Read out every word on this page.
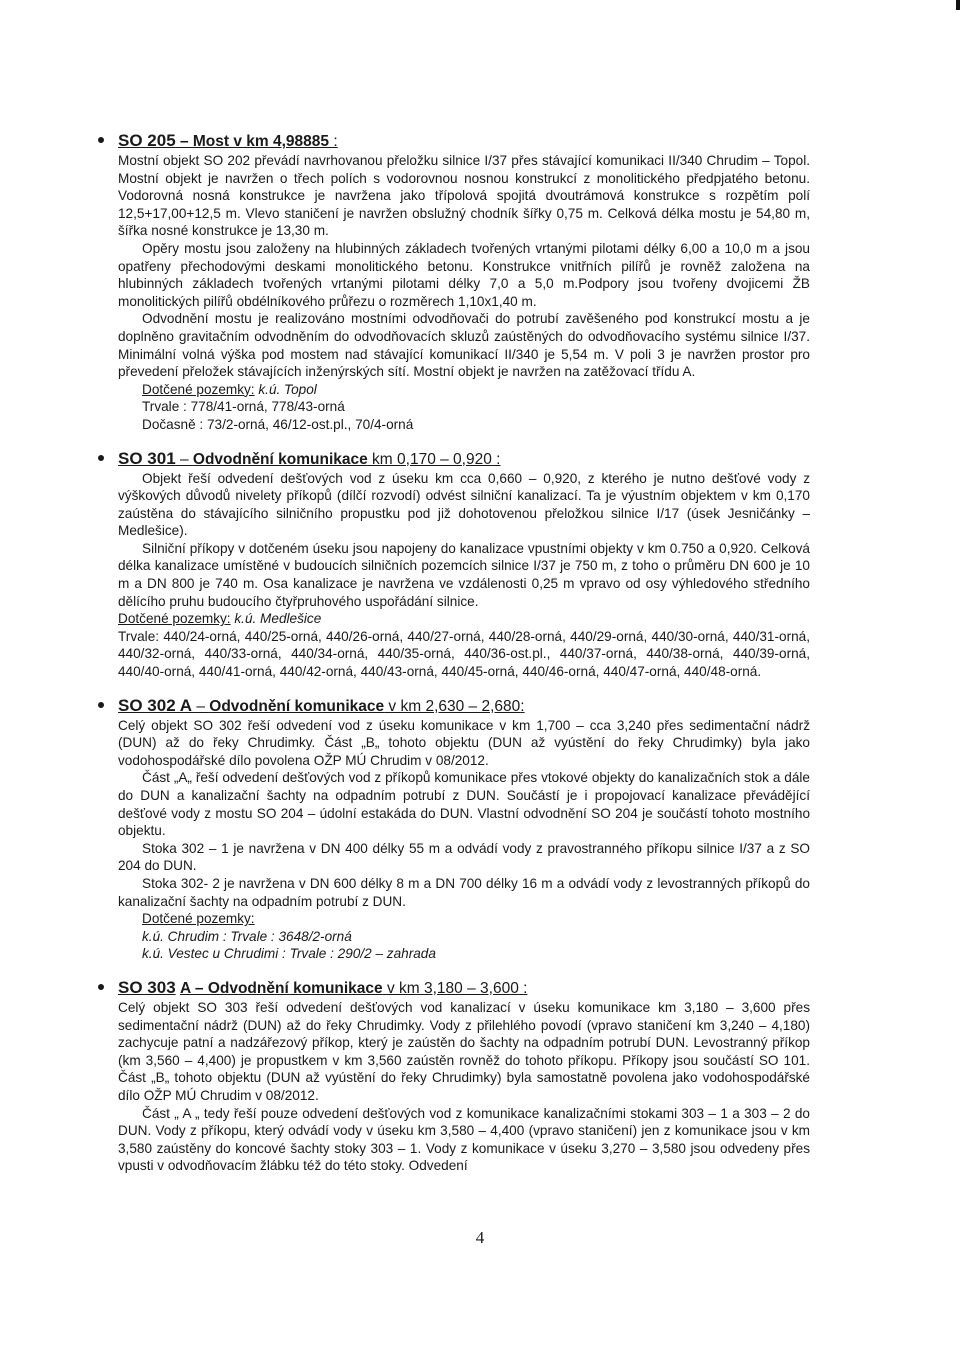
SO 205 – Most v km 4,98885 :

Mostní objekt SO 202 převádí navrhovanou přeložku silnice I/37 přes stávající komunikaci II/340 Chrudim – Topol. Mostní objekt je navržen o třech polích s vodorovnou nosnou konstrukcí z monolitického předpjatého betonu. Vodorovná nosná konstrukce je navržena jako třípolová spojitá dvoutrámová konstrukce s rozpětím polí 12,5+17,00+12,5 m. Vlevo staničení je navržen obslužný chodník šířky 0,75 m. Celková délka mostu je 54,80 m, šířka nosné konstrukce je 13,30 m.

Opěry mostu jsou založeny na hlubinných základech tvořených vrtanými pilotami délky 6,00 a 10,0 m a jsou opatřeny přechodovými deskami monolitického betonu. Konstrukce vnitřních pilířů je rovněž založena na hlubinných základech tvořených vrtanými pilotami délky 7,0 a 5,0 m.Podpory jsou tvořeny dvojicemi ŽB monolitických pilířů obdélníkového průřezu o rozměrech 1,10x1,40 m.

Odvodnění mostu je realizováno mostními odvodňovači do potrubí zavěšeného pod konstrukcí mostu a je doplněno gravitačním odvodněním do odvodňovacích skluzů zaústěných do odvodňovacího systému silnice I/37. Minimální volná výška pod mostem nad stávající komunikací II/340 je 5,54 m. V poli 3 je navržen prostor pro převedení přeložek stávajících inženýrských sítí. Mostní objekt je navržen na zatěžovací třídu A.

Dotčené pozemky: k.ú. Topol

Trvale : 778/41-orná, 778/43-orná

Dočasně : 73/2-orná, 46/12-ost.pl., 70/4-orná

SO 301 – Odvodnění komunikace km 0,170 – 0,920 :

Objekt řeší odvedení dešťových vod z úseku km cca 0,660 – 0,920, z kterého je nutno dešťové vody z výškových důvodů nivelety příkopů (dílčí rozvodí) odvést silniční kanalizací. Ta je výustním objektem v km 0,170 zaústěna do stávajícího silničního propustku pod již dohotovenou přeložkou silnice I/17 (úsek Jesničánky – Medlešice).

Silniční příkopy v dotčeném úseku jsou napojeny do kanalizace vpustními objekty v km 0.750 a 0,920. Celková délka kanalizace umístěné v budoucích silničních pozemcích silnice I/37 je 750 m, z toho o průměru DN 600 je 10 m a DN 800 je 740 m. Osa kanalizace je navržena ve vzdálenosti 0,25 m vpravo od osy výhledového středního dělícího pruhu budoucího čtyřpruhového uspořádání silnice.

Dotčené pozemky: k.ú. Medlešice

Trvale: 440/24-orná, 440/25-orná, 440/26-orná, 440/27-orná, 440/28-orná, 440/29-orná, 440/30-orná, 440/31-orná, 440/32-orná, 440/33-orná, 440/34-orná, 440/35-orná, 440/36-ost.pl., 440/37-orná, 440/38-orná, 440/39-orná, 440/40-orná, 440/41-orná, 440/42-orná, 440/43-orná, 440/45-orná, 440/46-orná, 440/47-orná, 440/48-orná.

SO 302 A – Odvodnění komunikace v km 2,630 – 2,680:

Celý objekt SO 302 řeší odvedení vod z úseku komunikace v km 1,700 – cca 3,240 přes sedimentační nádrž (DUN) až do řeky Chrudimky. Část „B„ tohoto objektu (DUN až vyústění do řeky Chrudimky) byla jako vodohospodářské dílo povolena OŽP MÚ Chrudim v 08/2012.

Část „A„ řeší odvedení dešťových vod z příkopů komunikace přes vtokové objekty do kanalizačních stok a dále do DUN a kanalizační šachty na odpadním potrubí z DUN. Součástí je i propojovací kanalizace převádějící dešťové vody z mostu SO 204 – údolní estakáda do DUN. Vlastní odvodnění SO 204 je součástí tohoto mostního objektu.

Stoka 302 – 1 je navržena v DN 400 délky 55 m a odvádí vody z pravostranného příkopu silnice I/37 a z SO 204 do DUN.

Stoka 302- 2 je navržena v DN 600 délky 8 m a DN 700 délky 16 m a odvádí vody z levostranných příkopů do kanalizační šachty na odpadním potrubí z DUN.

Dotčené pozemky:

k.ú. Chrudim : Trvale : 3648/2-orná

k.ú. Vestec u Chrudimi : Trvale : 290/2 – zahrada

SO 303 A – Odvodnění komunikace v km 3,180 – 3,600 :

Celý objekt SO 303 řeší odvedení dešťových vod kanalizací v úseku komunikace km 3,180 – 3,600 přes sedimentační nádrž (DUN) až do řeky Chrudimky. Vody z přilehlého povodí (vpravo staničení km 3,240 – 4,180) zachycuje patní a nadzářezový příkop, který je zaústěn do šachty na odpadním potrubí DUN. Levostranný příkop (km 3,560 – 4,400) je propustkem v km 3,560 zaústěn rovněž do tohoto příkopu. Příkopy jsou součástí SO 101. Část „B„ tohoto objektu (DUN až vyústění do řeky Chrudimky) byla samostatně povolena jako vodohospodářské dílo OŽP MÚ Chrudim v 08/2012.

Část „ A „ tedy řeší pouze odvedení dešťových vod z komunikace kanalizačními stokami 303 – 1 a 303 – 2 do DUN. Vody z příkopu, který odvádí vody v úseku km 3,580 – 4,400 (vpravo staničení) jen z komunikace jsou v km 3,580 zaústěny do koncové šachty stoky 303 – 1. Vody z komunikace v úseku 3,270 – 3,580 jsou odvedeny přes vpusti v odvodňovacím žlábku též do této stoky. Odvedení

4
